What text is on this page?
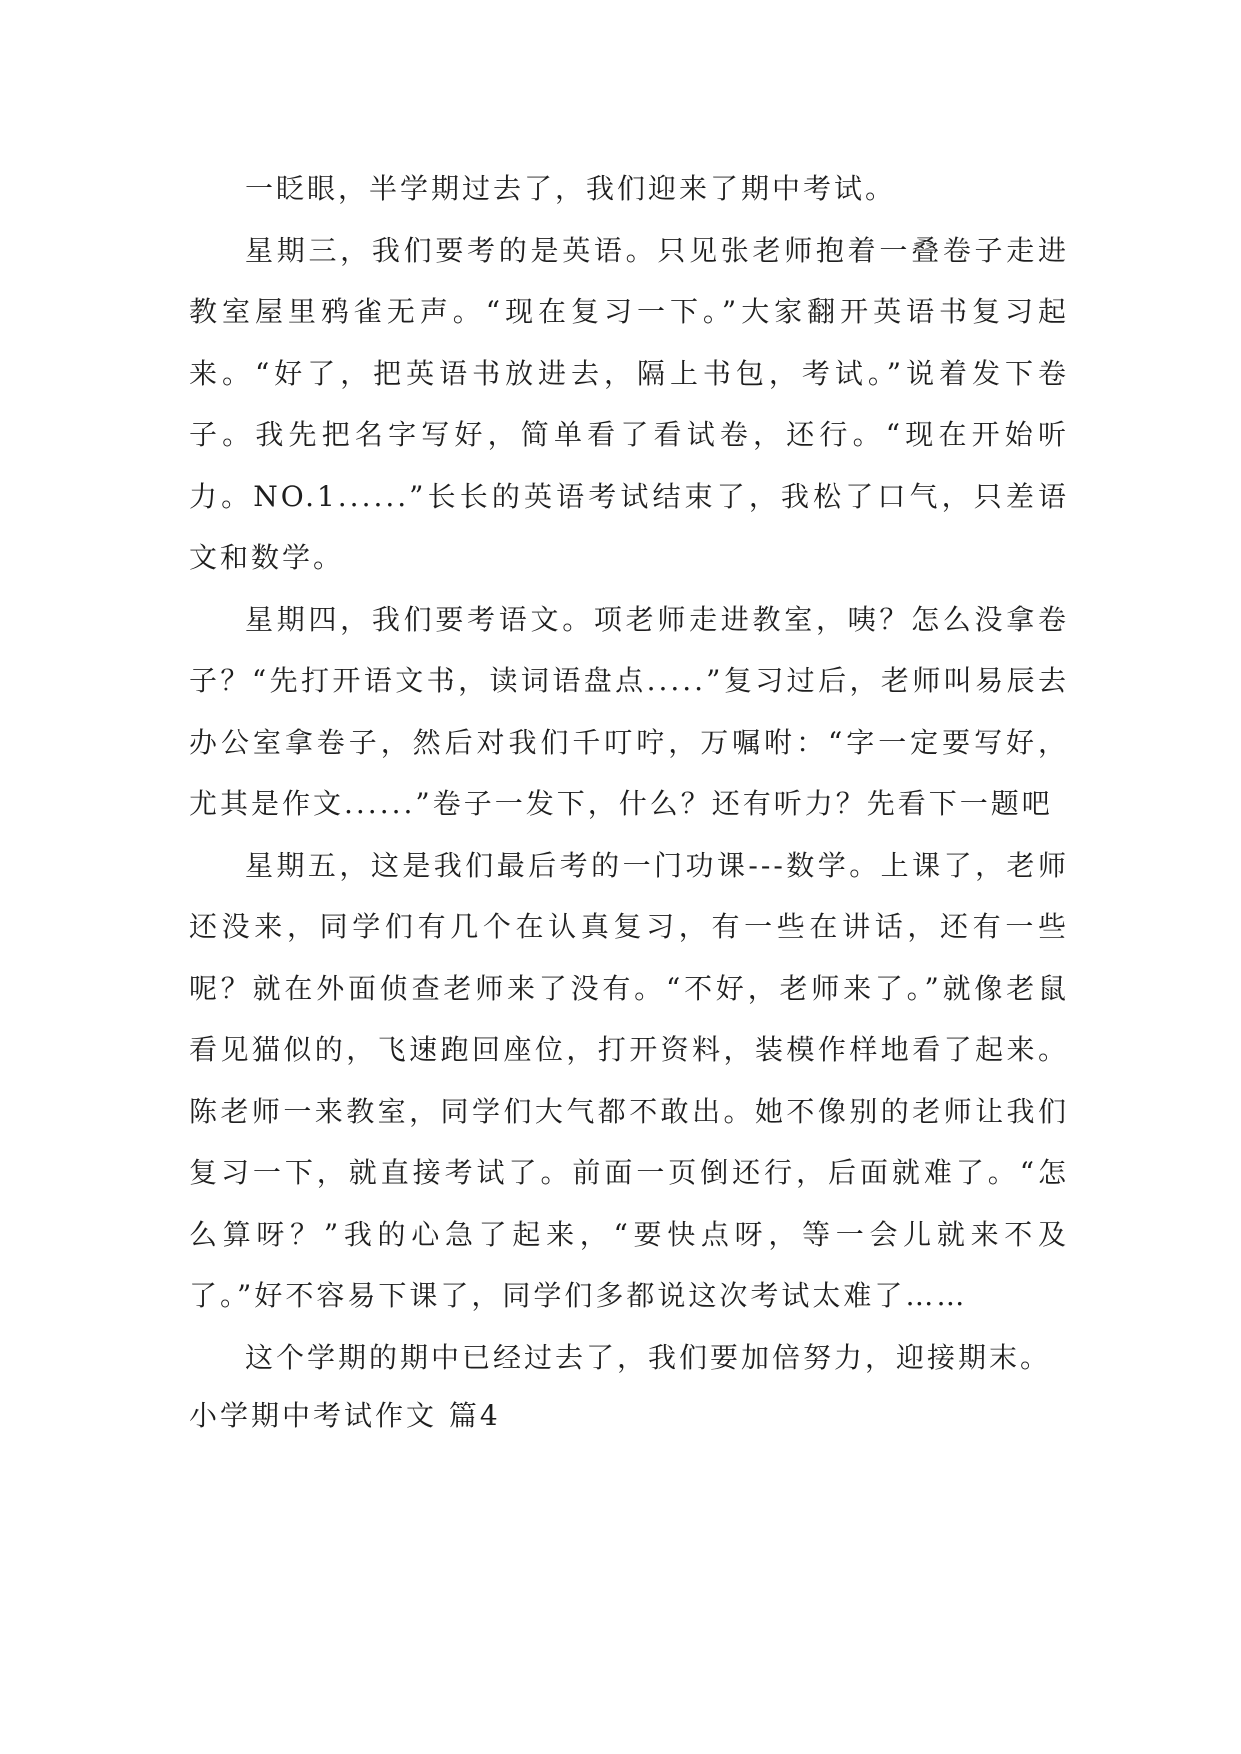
一眨眼，半学期过去了，我们迎来了期中考试。

星期三，我们要考的是英语。只见张老师抱着一叠卷子走进教室屋里鸦雀无声。“现在复习一下。”大家翻开英语书复习起来。“好了，把英语书放进去，隔上书包，考试。”说着发下卷子。我先把名字写好，简单看了看试卷，还行。“现在开始听力。NO.1......”长长的英语考试结束了，我松了口气，只差语文和数学。

星期四，我们要考语文。项老师走进教室，咦？怎么没拿卷子？“先打开语文书，读词语盘点.....”复习过后，老师叫易辰去办公室拿卷子，然后对我们千叮咛，万嘱咐：“字一定要写好，尤其是作文......”卷子一发下，什么？还有听力？先看下一题吧

星期五，这是我们最后考的一门功课---数学。上课了，老师还没来，同学们有几个在认真复习，有一些在讲话，还有一些呢？就在外面侦查老师来了没有。“不好，老师来了。”就像老鼠看见猫似的，飞速跑回座位，打开资料，装模作样地看了起来。陈老师一来教室，同学们大气都不敢出。她不像别的老师让我们复习一下，就直接考试了。前面一页倒还行，后面就难了。“怎么算呀？”我的心急了起来，“要快点呀，等一会儿就来不及了。”好不容易下课了，同学们多都说这次考试太难了……

这个学期的期中已经过去了，我们要加倍努力，迎接期末。

小学期中考试作文 篇4
